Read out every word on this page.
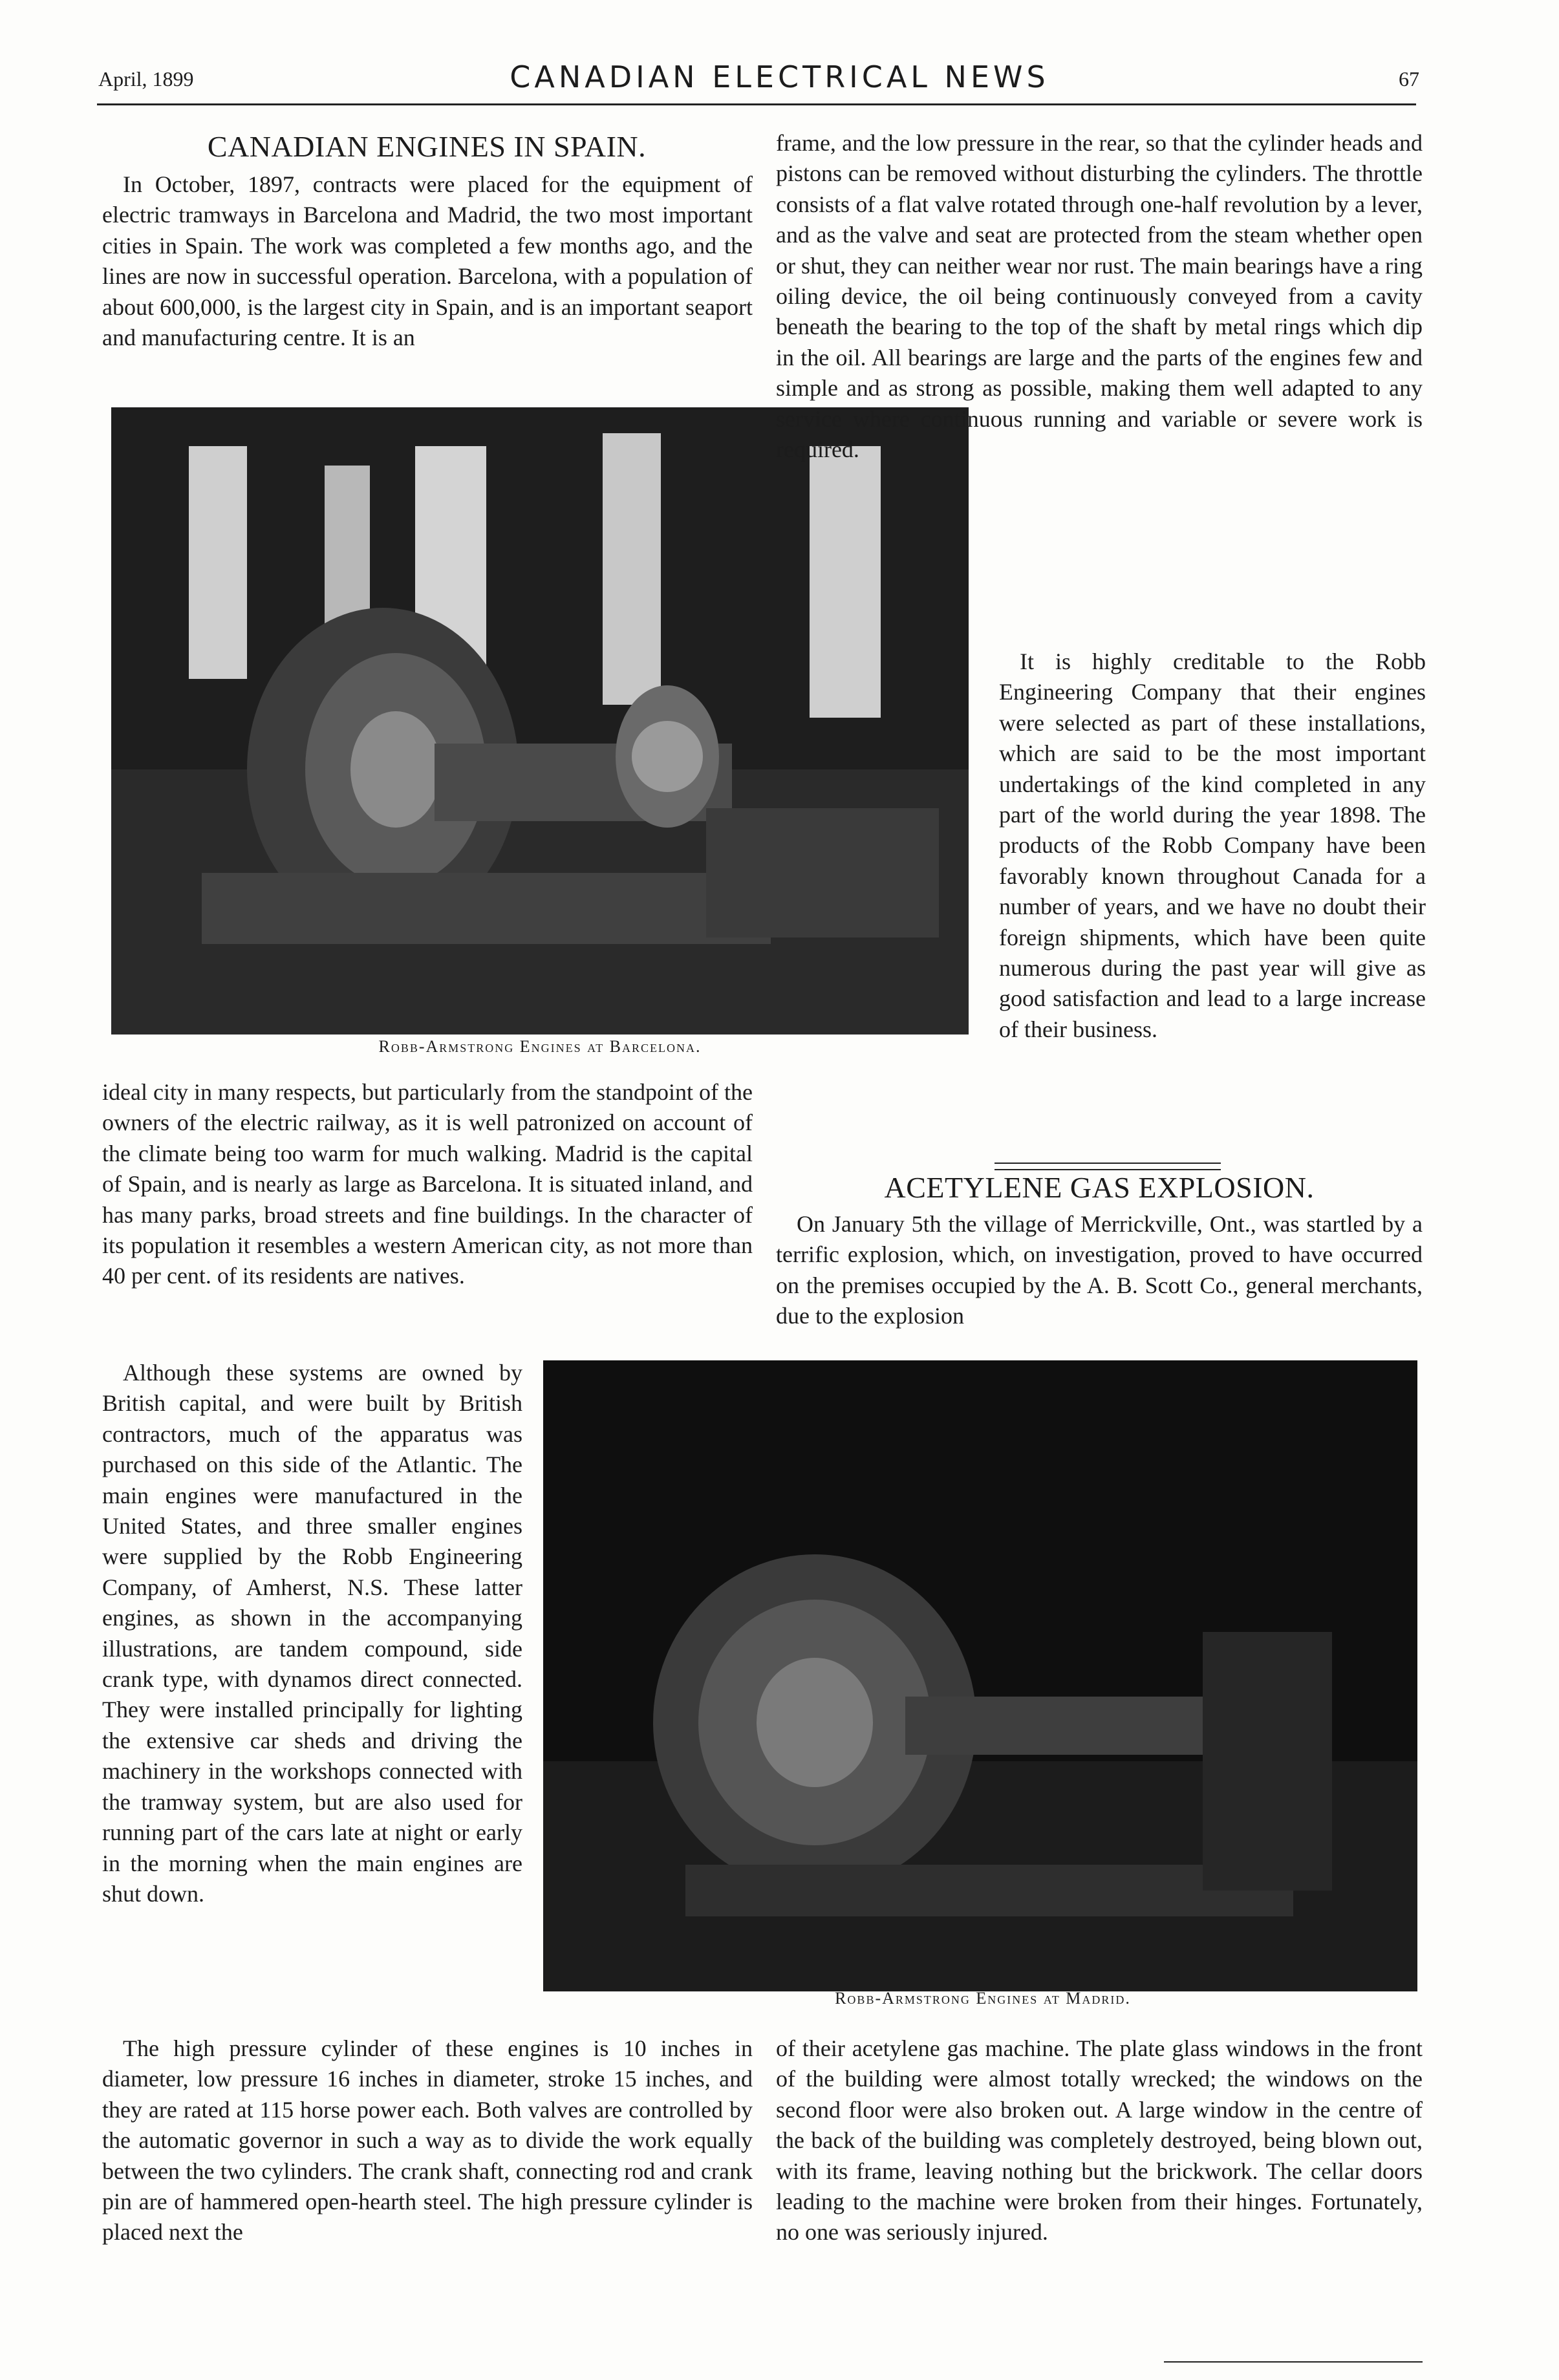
April, 1899	CANADIAN ELECTRICAL NEWS	67
CANADIAN ENGINES IN SPAIN.

In October, 1897, contracts were placed for the equipment of electric tramways in Barcelona and Madrid, the two most important cities in Spain. The work was completed a few months ago, and the lines are now in successful operation. Barcelona, with a population of about 600,000, is the largest city in Spain, and is an important seaport and manufacturing centre. It is an

Robb-Armstrong Engines at Barcelona.

ideal city in many respects, but particularly from the standpoint of the owners of the electric railway, as it is well patronized on account of the climate being too warm for much walking. Madrid is the capital of Spain, and is nearly as large as Barcelona. It is situated inland, and has many parks, broad streets and fine buildings. In the character of its population it resembles a western American city, as not more than 40 per cent. of its residents are natives.

Although these systems are owned by British capital, and were built by British contractors, much of the apparatus was purchased on this side of the Atlantic. The main engines were manufactured in the United States, and three smaller engines were supplied by the Robb Engineering Company, of Amherst, N.S. These latter engines, as shown in the accompanying illustrations, are tandem compound, side crank type, with dynamos direct connected. They were installed principally for lighting the extensive car sheds and driving the machinery in the workshops connected with the tramway system, but are also used for running part of the cars late at night or early in the morning when the main engines are shut down.

Robb-Armstrong Engines at Madrid.

The high pressure cylinder of these engines is 10 inches in diameter, low pressure 16 inches in diameter, stroke 15 inches, and they are rated at 115 horse power each. Both valves are controlled by the automatic governor in such a way as to divide the work equally between the two cylinders. The crank shaft, connecting rod and crank pin are of hammered open-hearth steel. The high pressure cylinder is placed next the

frame, and the low pressure in the rear, so that the cylinder heads and pistons can be removed without disturbing the cylinders. The throttle consists of a flat valve rotated through one-half revolution by a lever, and as the valve and seat are protected from the steam whether open or shut, they can neither wear nor rust. The main bearings have a ring oiling device, the oil being continuously conveyed from a cavity beneath the bearing to the top of the shaft by metal rings which dip in the oil. All bearings are large and the parts of the engines few and simple and as strong as possible, making them well adapted to any service where continuous running and variable or severe work is required.

It is highly creditable to the Robb Engineering Company that their engines were selected as part of these installations, which are said to be the most important undertakings of the kind completed in any part of the world during the year 1898. The products of the Robb Company have been favorably known throughout Canada for a number of years, and we have no doubt their foreign shipments, which have been quite numerous during the past year will give as good satisfaction and lead to a large increase of their business.

ACETYLENE GAS EXPLOSION.

On January 5th the village of Merrickville, Ont., was startled by a terrific explosion, which, on investigation, proved to have occurred on the premises occupied by the A. B. Scott Co., general merchants, due to the explosion

of their acetylene gas machine. The plate glass windows in the front of the building were almost totally wrecked; the windows on the second floor were also broken out. A large window in the centre of the back of the building was completely destroyed, being blown out, with its frame, leaving nothing but the brickwork. The cellar doors leading to the machine were broken from their hinges. Fortunately, no one was seriously injured.
